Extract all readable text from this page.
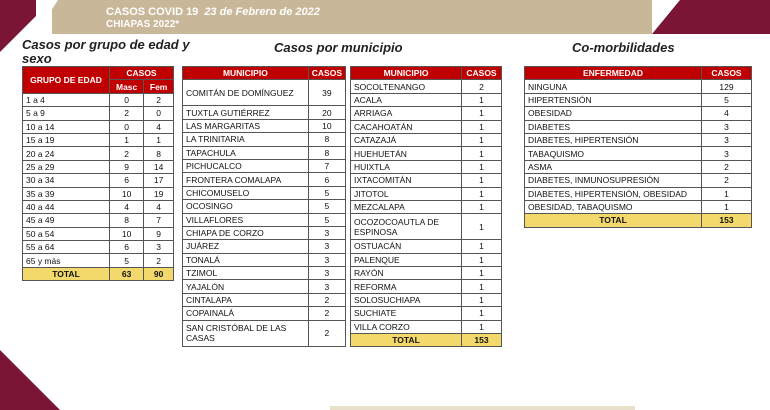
CASOS COVID 19 23 de Febrero de 2022
CHIAPAS 2022*
Casos por grupo de edad y sexo
Casos por municipio	Co-morbilidades
GRUPO DE EDAD	CASOS	
	Masc	Fem
1 a 4	0	2
5 a 9	2	0
10 a 14	0	4
15 a 19	1	1
20 a 24	2	8
25 a 29	9	14
30 a 34	6	17
35 a 39	10	19
40 a 44	4	4
45 a 49	8	7
50 a 54	10	9
55 a 64	6	3
65 y más	5	2
TOTAL	63	90
MUNICIPIO	CASOS
COMITÁN DE DOMÍNGUEZ	39
TUXTLA GUTIÉRREZ	20
LAS MARGARITAS	10
LA TRINITARIA	8
TAPACHULA	8
PICHUCALCO	7
FRONTERA COMALAPA	6
CHICOMUSELO	5
OCOSINGO	5
VILLAFLORES	5
CHIAPA DE CORZO	3
JUÁREZ	3
TONALÁ	3
TZIMOL	3
YAJALÓN	3
CINTALAPA	2
COPAINALÁ	2
SAN CRISTÓBAL DE LAS CASAS	2
MUNICIPIO	CASOS
SOCOLTENANGO	2
ACALA	1
ARRIAGA	1
CACAHOATÁN	1
CATAZAJÁ	1
HUEHUETÁN	1
HUIXTLA	1
IXTACOMITÁN	1
JITOTOL	1
MEZCALAPA	1
OCOZOCOAUTLA DE ESPINOSA	1
OSTUACÁN	1
PALENQUE	1
RAYÓN	1
REFORMA	1
SOLOSUCHIAPA	1
SUCHIATE	1
VILLA CORZO	1
TOTAL	153
ENFERMEDAD	CASOS
NINGUNA	129
HIPERTENSIÓN	5
OBESIDAD	4
DIABETES	3
DIABETES, HIPERTENSIÓN	3
TABAQUISMO	3
ASMA	2
DIABETES, INMUNOSUPRESIÓN	2
DIABETES, HIPERTENSIÓN, OBESIDAD	1
OBESIDAD, TABAQUISMO	1
TOTAL	153
